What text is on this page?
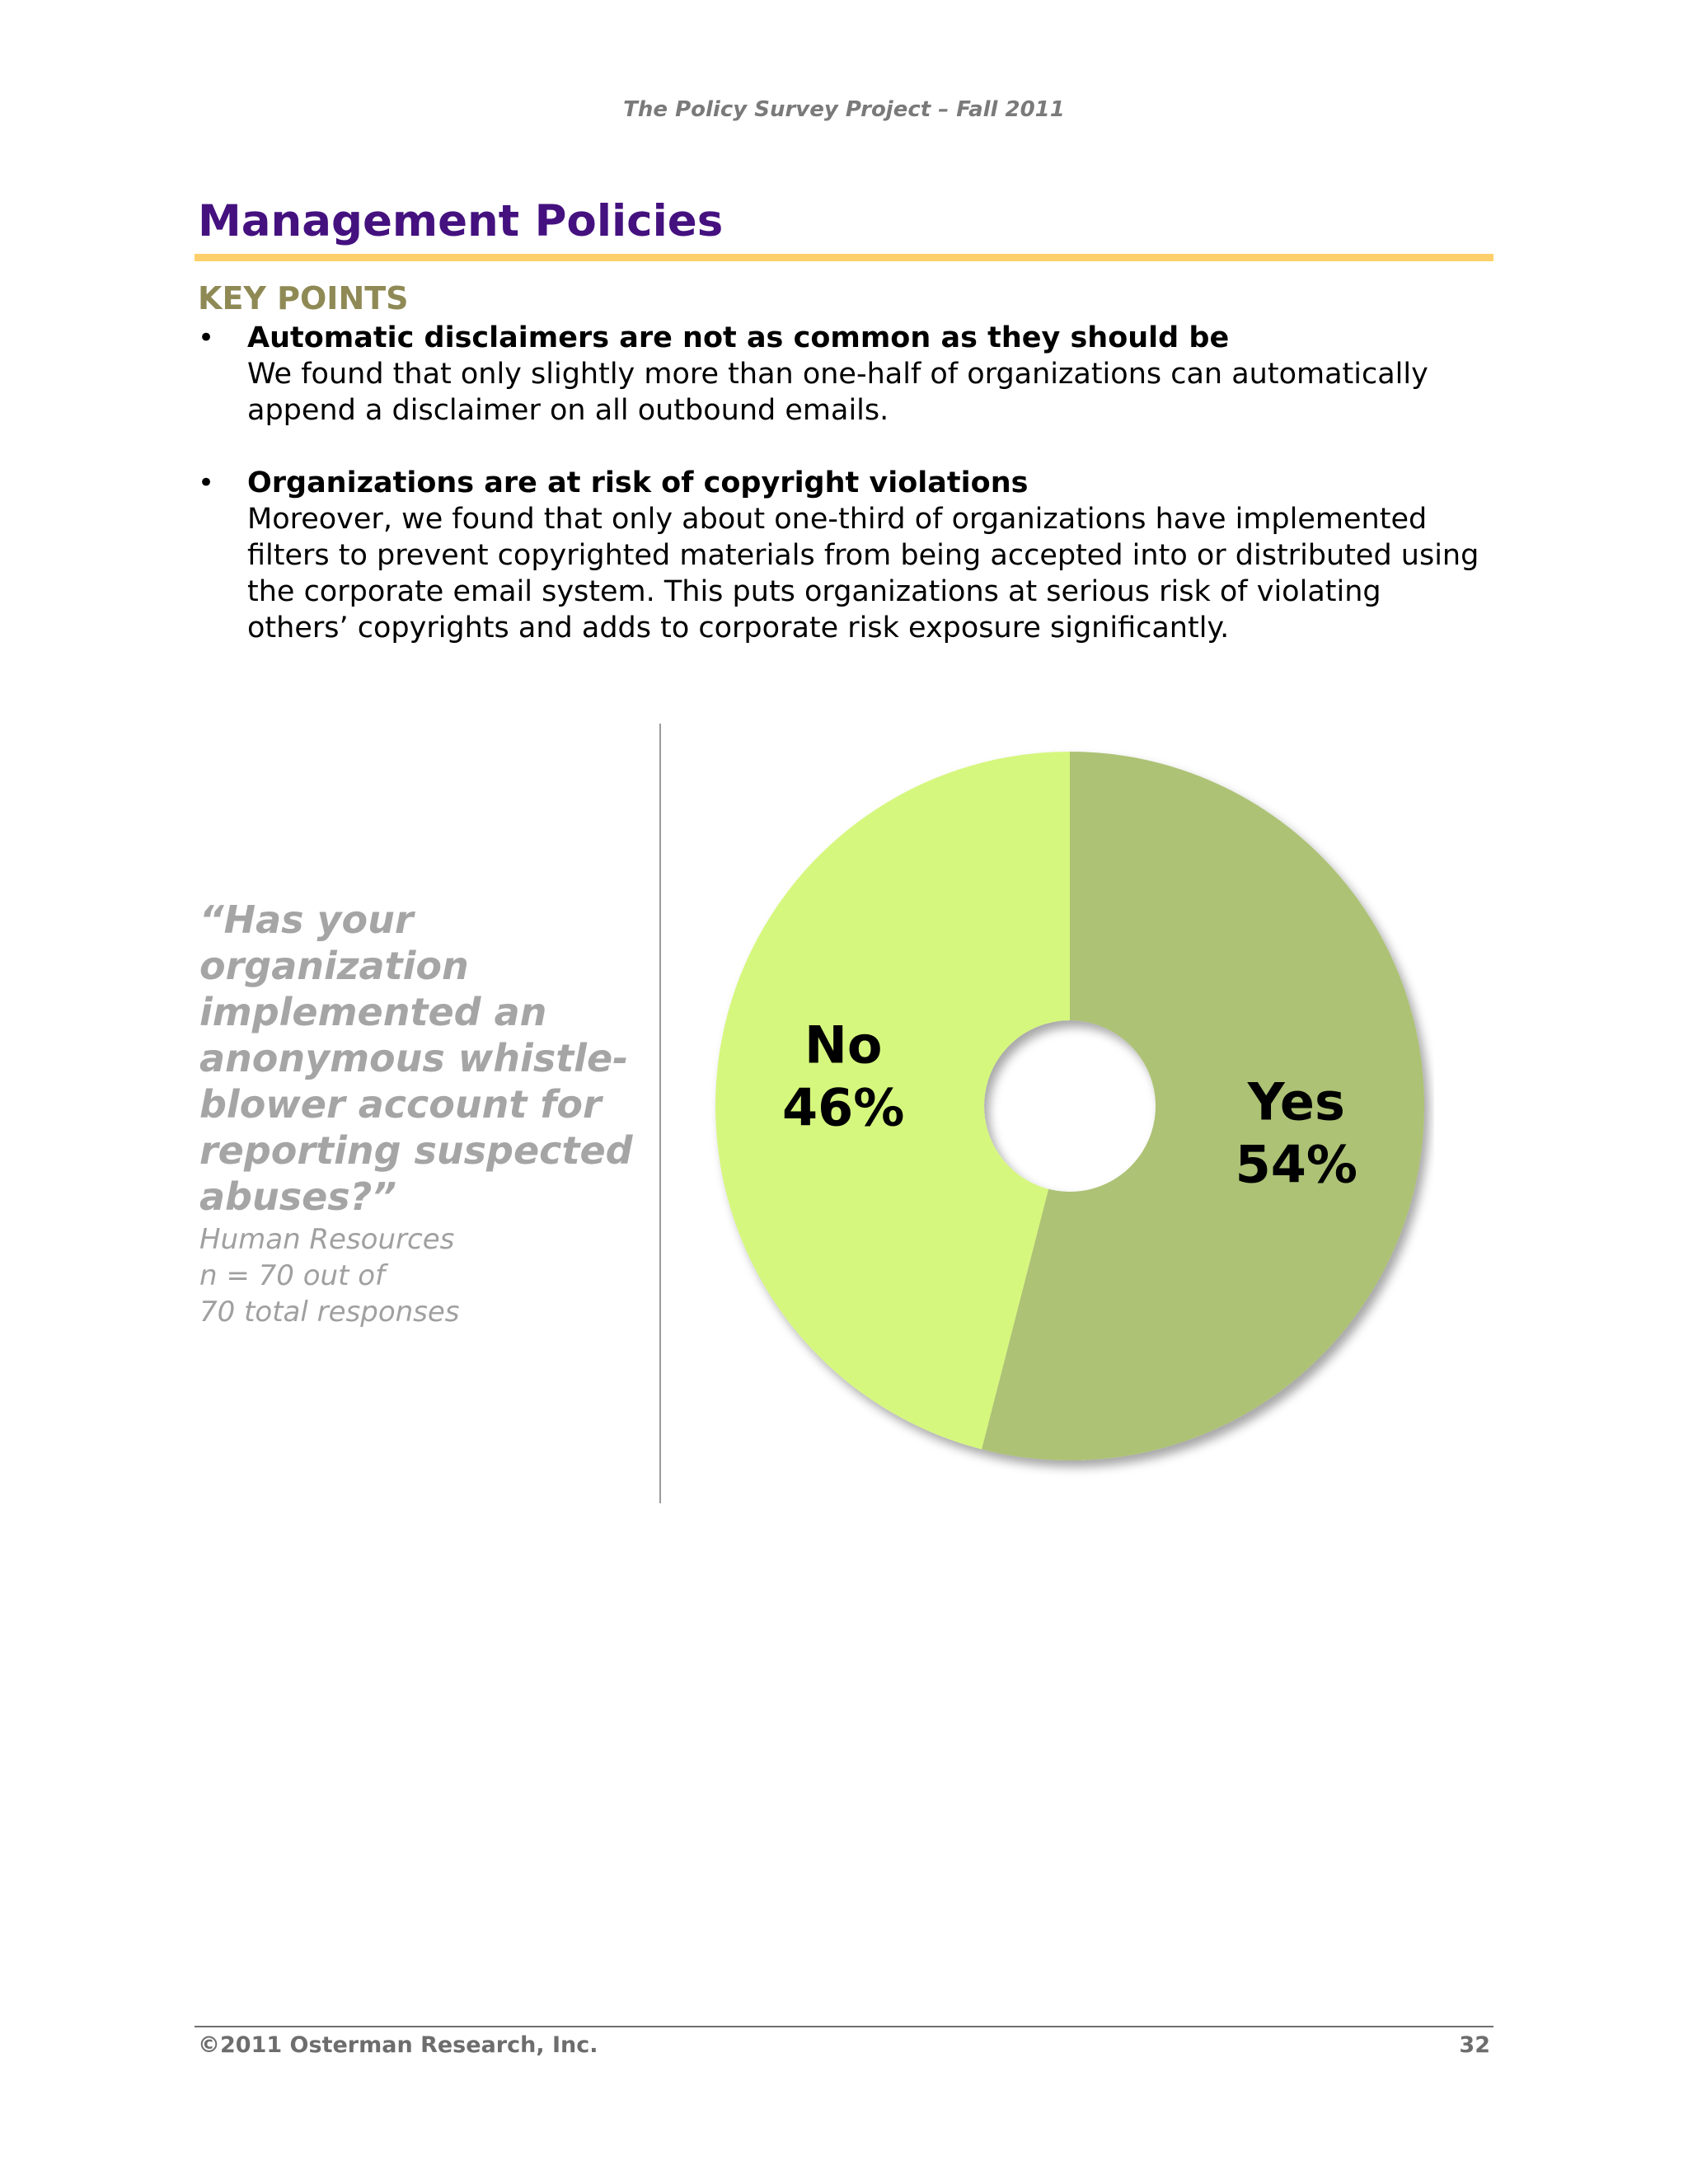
The Policy Survey Project – Fall 2011
Management Policies
KEY POINTS
• Automatic disclaimers are not as common as they should be
We found that only slightly more than one-half of organizations can automatically append a disclaimer on all outbound emails.
• Organizations are at risk of copyright violations
Moreover, we found that only about one-third of organizations have implemented filters to prevent copyrighted materials from being accepted into or distributed using the corporate email system. This puts organizations at serious risk of violating others’ copyrights and adds to corporate risk exposure significantly.
“Has your organization implemented an anonymous whistle-blower account for reporting suspected abuses?”
Human Resources
n = 70 out of
70 total responses
Yes 54%
No 46%
©2011 Osterman Research, Inc.	32
